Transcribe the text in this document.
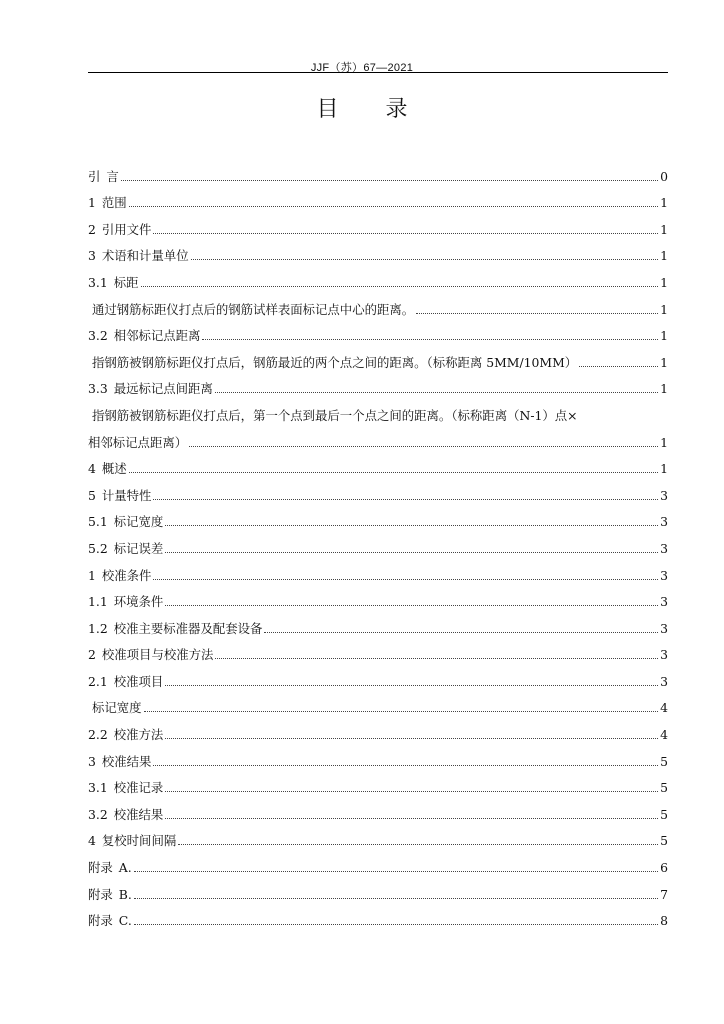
JJF（苏）67—2021
目 录
引 言	0
1 范围	1
2 引用文件	1
3 术语和计量单位	1
3.1 标距	1
通过钢筋标距仪打点后的钢筋试样表面标记点中心的距离。	1
3.2 相邻标记点距离	1
指钢筋被钢筋标距仪打点后，钢筋最近的两个点之间的距离。（标称距离 5MM/10MM）	1
3.3 最远标记点间距离	1
指钢筋被钢筋标距仪打点后，第一个点到最后一个点之间的距离。（标称距离（N-1）点×
相邻标记点距离）	1
4 概述	1
5 计量特性	3
5.1 标记宽度	3
5.2 标记误差	3
1 校准条件	3
1.1 环境条件	3
1.2 校准主要标准器及配套设备	3
2 校准项目与校准方法	3
2.1 校准项目	3
标记宽度	4
2.2 校准方法	4
3 校准结果	5
3.1 校准记录	5
3.2 校准结果	5
4 复校时间间隔	5
附录 A.	6
附录 B.	7
附录 C.	8
